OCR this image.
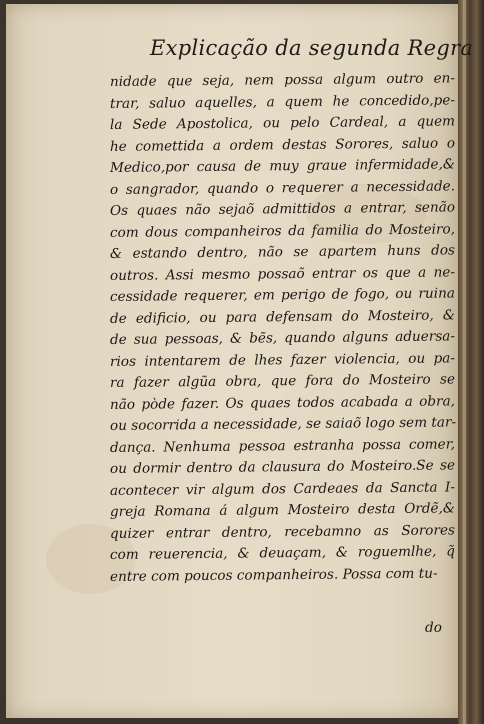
Explicação da segunda Regra
nidade que seja, nem possa algum outro en-
trar, saluo aquelles, a quem he concedido,pe-
la Sede Apostolica, ou pelo Cardeal, a quem
he comettida a ordem destas Sorores, saluo o
Medico,por causa de muy graue infermidade,&
o sangrador, quando o requerer a necessidade.
Os quaes não sejaõ admittidos a entrar, senão
com dous companheiros da familia do Mosteiro,
& estando dentro, não se apartem huns dos
outros. Assi mesmo possaõ entrar os que a ne-
cessidade requerer, em perigo de fogo, ou ruina
de edificio, ou para defensam do Mosteiro, &
de sua pessoas, & bẽs, quando alguns aduersa-
rios intentarem de lhes fazer violencia, ou pa-
ra fazer algũa obra, que fora do Mosteiro se
não pòde fazer. Os quaes todos acabada a obra,
ou socorrida a necessidade, se saiaõ logo sem tar-
dança. Nenhuma pessoa estranha possa comer,
ou dormir dentro da clausura do Mosteiro.Se se
acontecer vir algum dos Cardeaes da Sancta I-
greja Romana á algum Mosteiro desta Ordẽ,&
quizer entrar dentro, recebamno as Sorores
com reuerencia, & deuaçam, & roguemlhe, q̃
entre com poucos companheiros. Possa com tu-

do
